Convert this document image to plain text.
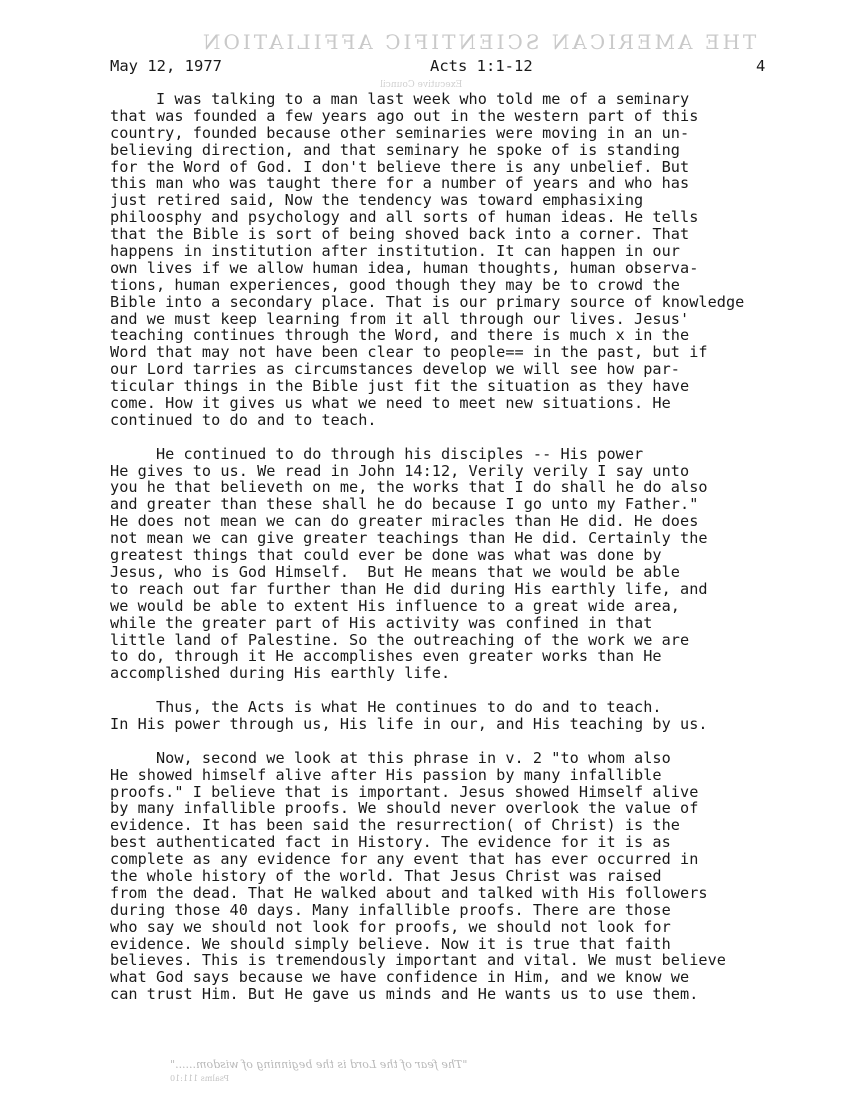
THE AMERICAN SCIENTIFIC AFFILIATION
Executive Council
May 12, 1977	Acts 1:1-12	4
I was talking to a man last week who told me of a seminary
that was founded a few years ago out in the western part of this
country, founded because other seminaries were moving in an un-
believing direction, and that seminary he spoke of is standing
for the Word of God. I don't believe there is any unbelief. But
this man who was taught there for a number of years and who has
just retired said, Now the tendency was toward emphasixing
philoosphy and psychology and all sorts of human ideas. He tells
that the Bible is sort of being shoved back into a corner. That
happens in institution after institution. It can happen in our
own lives if we allow human idea, human thoughts, human observa-
tions, human experiences, good though they may be to crowd the
Bible into a secondary place. That is our primary source of knowledge
and we must keep learning from it all through our lives. Jesus'
teaching continues through the Word, and there is much x in the
Word that may not have been clear to people== in the past, but if
our Lord tarries as circumstances develop we will see how par-
ticular things in the Bible just fit the situation as they have
come. How it gives us what we need to meet new situations. He
continued to do and to teach.
He continued to do through his disciples -- His power
He gives to us. We read in John 14:12, Verily verily I say unto
you he that believeth on me, the works that I do shall he do also
and greater than these shall he do because I go unto my Father."
He does not mean we can do greater miracles than He did. He does
not mean we can give greater teachings than He did. Certainly the
greatest things that could ever be done was what was done by
Jesus, who is God Himself.  But He means that we would be able
to reach out far further than He did during His earthly life, and
we would be able to extent His influence to a great wide area,
while the greater part of His activity was confined in that
little land of Palestine. So the outreaching of the work we are
to do, through it He accomplishes even greater works than He
accomplished during His earthly life.
Thus, the Acts is what He continues to do and to teach.
In His power through us, His life in our, and His teaching by us.
Now, second we look at this phrase in v. 2 "to whom also
He showed himself alive after His passion by many infallible
proofs." I believe that is important. Jesus showed Himself alive
by many infallible proofs. We should never overlook the value of
evidence. It has been said the resurrection( of Christ) is the
best authenticated fact in History. The evidence for it is as
complete as any evidence for any event that has ever occurred in
the whole history of the world. That Jesus Christ was raised
from the dead. That He walked about and talked with His followers
during those 40 days. Many infallible proofs. There are those
who say we should not look for proofs, we should not look for
evidence. We should simply believe. Now it is true that faith
believes. This is tremendously important and vital. We must believe
what God says because we have confidence in Him, and we know we
can trust Him. But He gave us minds and He wants us to use them.
"The fear of the Lord is the beginning of wisdom......"
Psalms 111:10
